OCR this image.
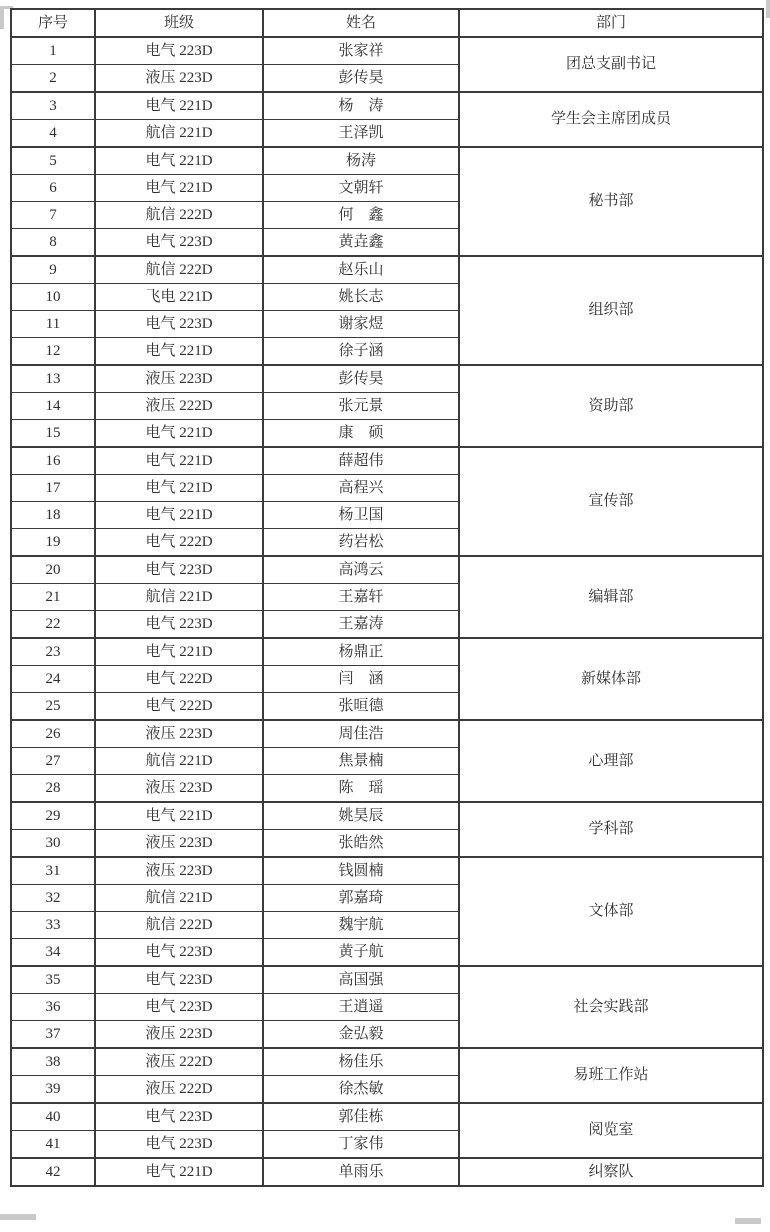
序号	班级	姓名	部门
1	电气 223D	张家祥	团总支副书记
2	液压 223D	彭传昊	
3	电气 221D	杨　涛	学生会主席团成员
4	航信 221D	王泽凯	
5	电气 221D	杨涛	秘书部
6	电气 221D	文朝轩	
7	航信 222D	何　鑫	
8	电气 223D	黄垚鑫	
9	航信 222D	赵乐山	组织部
10	飞电 221D	姚长志	
11	电气 223D	谢家煜	
12	电气 221D	徐子涵	
13	液压 223D	彭传昊	资助部
14	液压 222D	张元景	
15	电气 221D	康　硕	
16	电气 221D	薛超伟	宣传部
17	电气 221D	高程兴	
18	电气 221D	杨卫国	
19	电气 222D	药岩松	
20	电气 223D	高鸿云	编辑部
21	航信 221D	王嘉轩	
22	电气 223D	王嘉涛	
23	电气 221D	杨鼎正	新媒体部
24	电气 222D	闫　涵	
25	电气 222D	张晅德	
26	液压 223D	周佳浩	心理部
27	航信 221D	焦景楠	
28	液压 223D	陈　瑶	
29	电气 221D	姚昊辰	学科部
30	液压 223D	张皓然	
31	液压 223D	钱圆楠	文体部
32	航信 221D	郭嘉琦	
33	航信 222D	魏宇航	
34	电气 223D	黄子航	
35	电气 223D	高国强	社会实践部
36	电气 223D	王逍遥	
37	液压 223D	金弘毅	
38	液压 222D	杨佳乐	易班工作站
39	液压 222D	徐杰敏	
40	电气 223D	郭佳栋	阅览室
41	电气 223D	丁家伟	
42	电气 221D	单雨乐	纠察队
